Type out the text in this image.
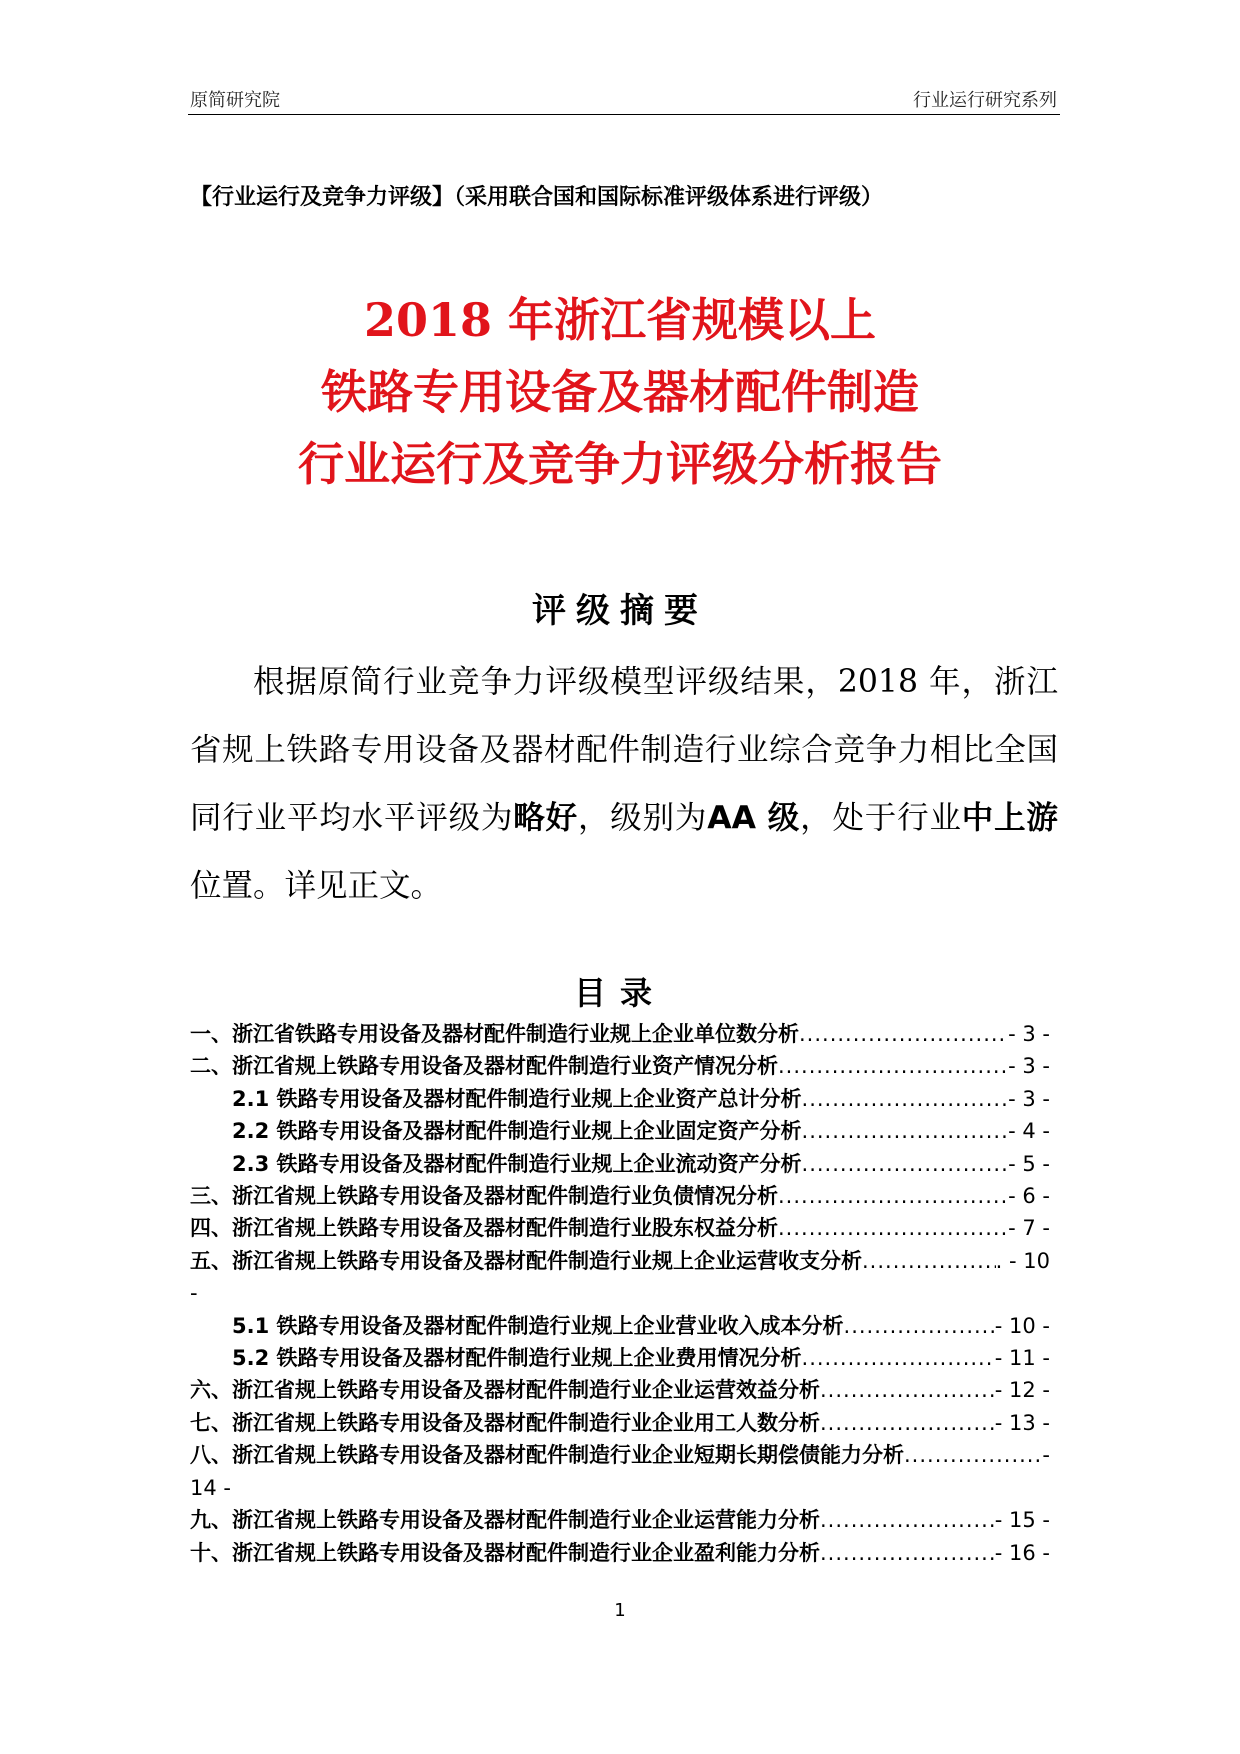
原简研究院	行业运行研究系列
【行业运行及竞争力评级】（采用联合国和国际标准评级体系进行评级）
2018 年浙江省规模以上
铁路专用设备及器材配件制造
行业运行及竞争力评级分析报告
评级摘要
根据原简行业竞争力评级模型评级结果，2018 年，浙江省规上铁路专用设备及器材配件制造行业综合竞争力相比全国同行业平均水平评级为略好，级别为AA 级，处于行业中上游位置。详见正文。
目录
一、浙江省铁路专用设备及器材配件制造行业规上企业单位数分析 .....	- 3 -
二、浙江省规上铁路专用设备及器材配件制造行业资产情况分析 .....	- 3 -
2.1 铁路专用设备及器材配件制造行业规上企业资产总计分析 .....	- 3 -
2.2 铁路专用设备及器材配件制造行业规上企业固定资产分析 .....	- 4 -
2.3 铁路专用设备及器材配件制造行业规上企业流动资产分析 .....	- 5 -
三、浙江省规上铁路专用设备及器材配件制造行业负债情况分析 .....	- 6 -
四、浙江省规上铁路专用设备及器材配件制造行业股东权益分析 .....	- 7 -
五、浙江省规上铁路专用设备及器材配件制造行业规上企业运营收支分析 .....	. - 10
-
5.1 铁路专用设备及器材配件制造行业规上企业营业收入成本分析 .....	- 10 -
5.2 铁路专用设备及器材配件制造行业规上企业费用情况分析 .....	- 11 -
六、浙江省规上铁路专用设备及器材配件制造行业企业运营效益分析 .....	- 12 -
七、浙江省规上铁路专用设备及器材配件制造行业企业用工人数分析 .....	- 13 -
八、浙江省规上铁路专用设备及器材配件制造行业企业短期长期偿债能力分析 .....	-
14 -
九、浙江省规上铁路专用设备及器材配件制造行业企业运营能力分析 .....	- 15 -
十、浙江省规上铁路专用设备及器材配件制造行业企业盈利能力分析 .....	- 16 -
1
